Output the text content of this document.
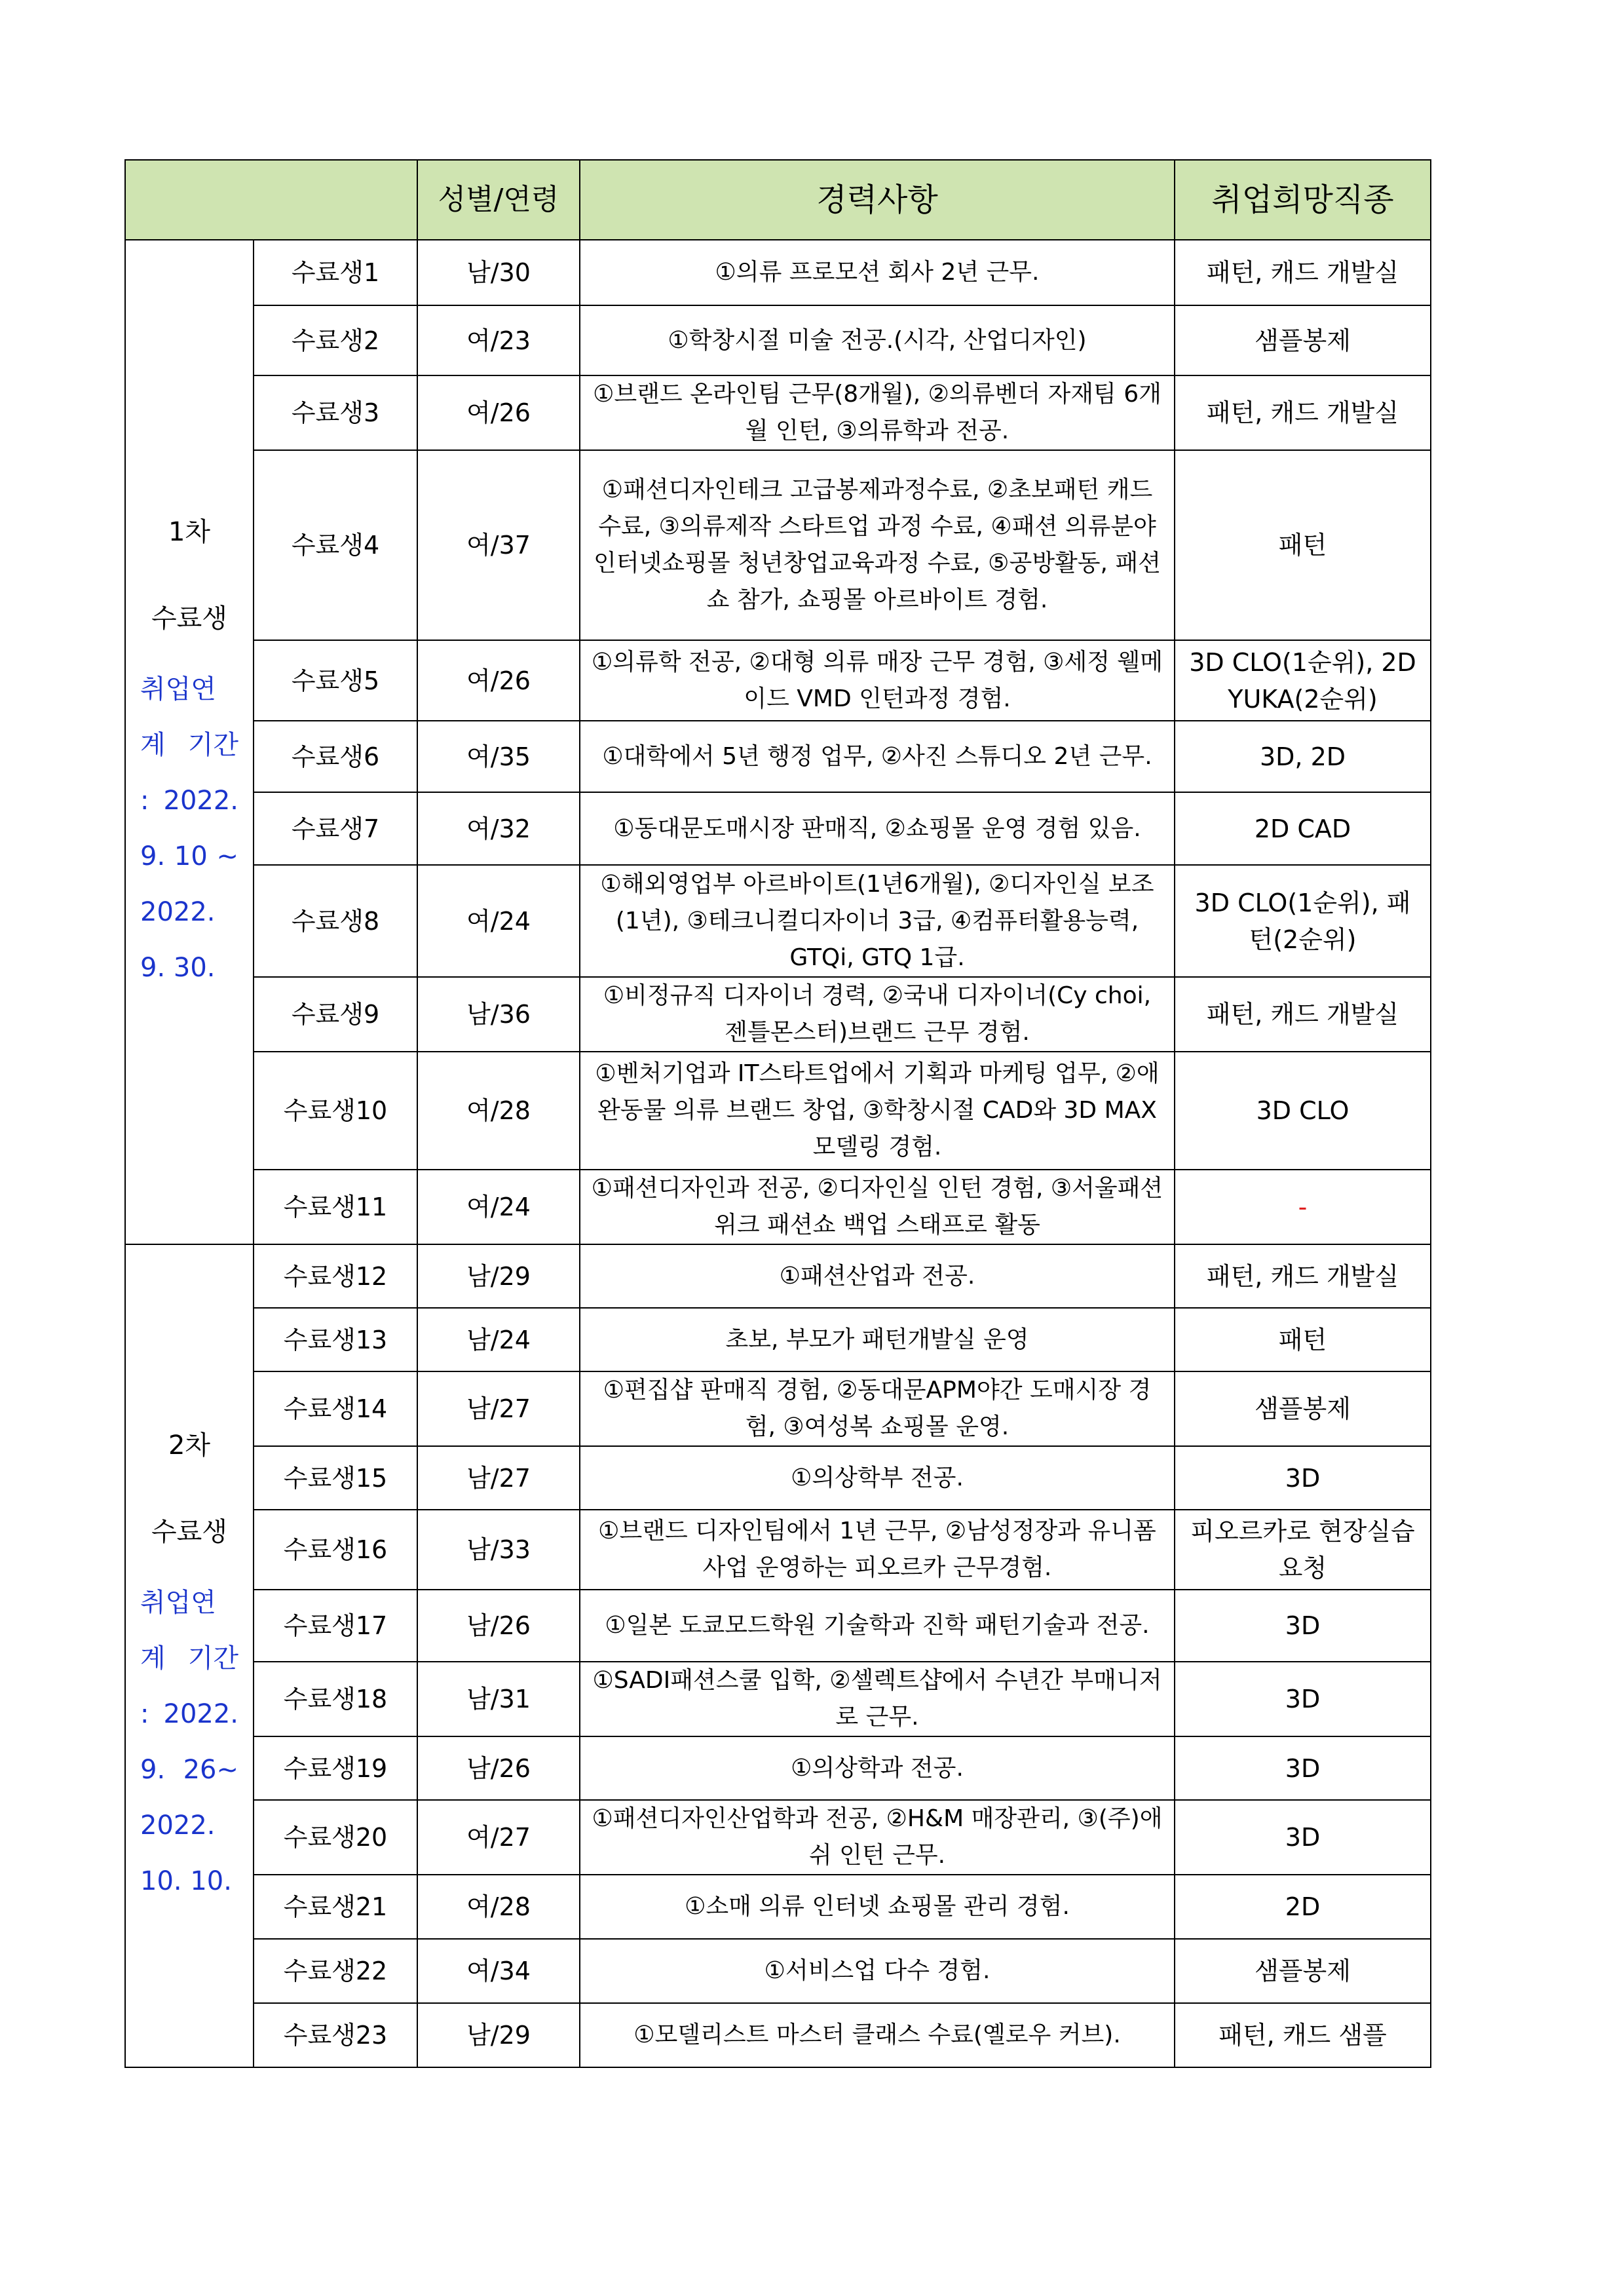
		성별/연령	경력사항	취업희망직종

1차
수료생
취업연계 기간 : 2022. 9. 10 ~ 2022. 9. 30.	수료생1	남/30	①의류 프로모션 회사 2년 근무.	패턴, 캐드 개발실
	수료생2	여/23	①학창시절 미술 전공.(시각, 산업디자인)	샘플봉제
	수료생3	여/26	①브랜드 온라인팀 근무(8개월), ②의류벤더 자재팀 6개월 인턴, ③의류학과 전공.	패턴, 캐드 개발실
	수료생4	여/37	①패션디자인테크 고급봉제과정수료, ②초보패턴 캐드 수료, ③의류제작 스타트업 과정 수료, ④패션 의류분야 인터넷쇼핑몰 청년창업교육과정 수료, ⑤공방활동, 패션쇼 참가, 쇼핑몰 아르바이트 경험.	패턴
	수료생5	여/26	①의류학 전공, ②대형 의류 매장 근무 경험, ③세정 웰메이드 VMD 인턴과정 경험.	3D CLO(1순위), 2D YUKA(2순위)
	수료생6	여/35	①대학에서 5년 행정 업무, ②사진 스튜디오 2년 근무.	3D, 2D
	수료생7	여/32	①동대문도매시장 판매직, ②쇼핑몰 운영 경험 있음.	2D CAD
	수료생8	여/24	①해외영업부 아르바이트(1년6개월), ②디자인실 보조(1년), ③테크니컬디자이너 3급, ④컴퓨터활용능력, GTQi, GTQ 1급.	3D CLO(1순위), 패턴(2순위)
	수료생9	남/36	①비정규직 디자이너 경력, ②국내 디자이너(Cy choi, 젠틀몬스터)브랜드 근무 경험.	패턴, 캐드 개발실
	수료생10	여/28	①벤처기업과 IT스타트업에서 기획과 마케팅 업무, ②애완동물 의류 브랜드 창업, ③학창시절 CAD와 3D MAX모델링 경험.	3D CLO
	수료생11	여/24	①패션디자인과 전공, ②디자인실 인턴 경험, ③서울패션위크 패션쇼 백업 스태프로 활동	-

2차
수료생
취업연계 기간 : 2022. 9. 26~ 2022. 10. 10.	수료생12	남/29	①패션산업과 전공.	패턴, 캐드 개발실
	수료생13	남/24	초보, 부모가 패턴개발실 운영	패턴
	수료생14	남/27	①편집샵 판매직 경험, ②동대문APM야간 도매시장 경험, ③여성복 쇼핑몰 운영.	샘플봉제
	수료생15	남/27	①의상학부 전공.	3D
	수료생16	남/33	①브랜드 디자인팀에서 1년 근무, ②남성정장과 유니폼 사업 운영하는 피오르카 근무경험.	피오르카로 현장실습 요청
	수료생17	남/26	①일본 도쿄모드학원 기술학과 진학 패턴기술과 전공.	3D
	수료생18	남/31	①SADI패션스쿨 입학, ②셀렉트샵에서 수년간 부매니저로 근무.	3D
	수료생19	남/26	①의상학과 전공.	3D
	수료생20	여/27	①패션디자인산업학과 전공, ②H&M 매장관리, ③(주)애쉬 인턴 근무.	3D
	수료생21	여/28	①소매 의류 인터넷 쇼핑몰 관리 경험.	2D
	수료생22	여/34	①서비스업 다수 경험.	샘플봉제
	수료생23	남/29	①모델리스트 마스터 클래스 수료(옐로우 커브).	패턴, 캐드 샘플
